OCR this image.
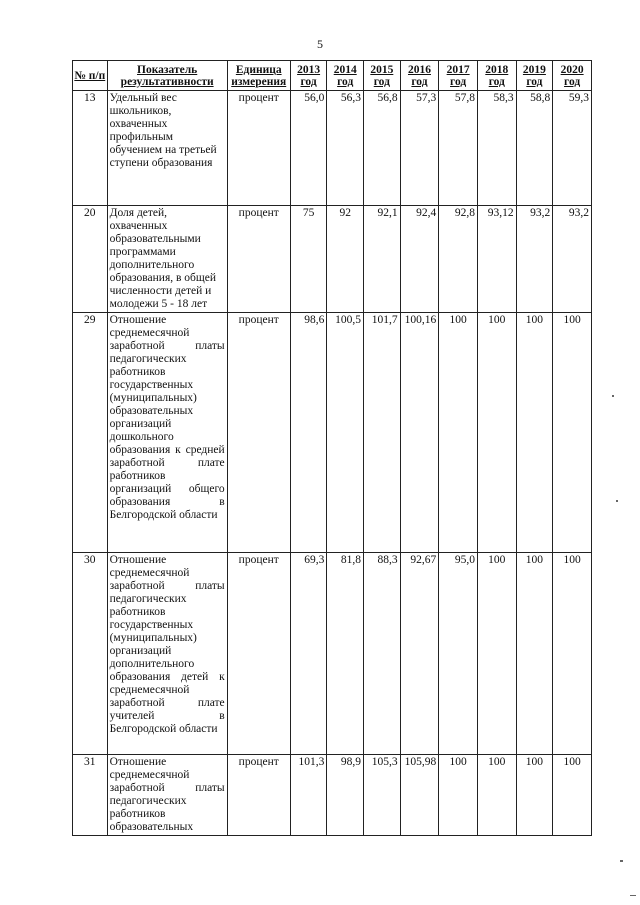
5
№ п/п	Показатель результативности	Единица измерения	2013 год	2014 год	2015 год	2016 год	2017 год	2018 год	2019 год	2020 год
13	Удельный вес школьников, охваченных профильным обучением на третьей ступени образования	процент	56,0	56,3	56,8	57,3	57,8	58,3	58,8	59,3
20	Доля детей, охваченных образовательными программами дополнительного образования, в общей численности детей и молодежи 5 - 18 лет	процент	75	92	92,1	92,4	92,8	93,12	93,2	93,2
29	Отношение среднемесячной заработной платы педагогических работников государственных (муниципальных) образовательных организаций дошкольного образования к средней заработной плате работников организаций общего образования в Белгородской области	процент	98,6	100,5	101,7	100,16	100	100	100	100
30	Отношение среднемесячной заработной платы педагогических работников государственных (муниципальных) организаций дополнительного образования детей к среднемесячной заработной плате учителей в Белгородской области	процент	69,3	81,8	88,3	92,67	95,0	100	100	100
31	Отношение среднемесячной заработной платы педагогических работников образовательных	процент	101,3	98,9	105,3	105,98	100	100	100	100
